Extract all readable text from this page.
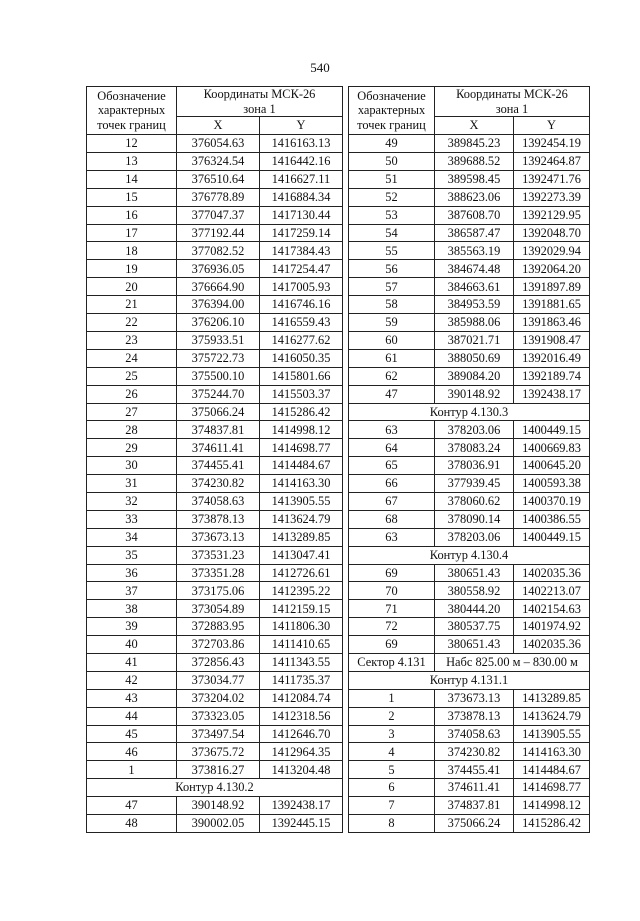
540
Обозначение
характерных
точек границ	Координаты МСК-26
зона 1	
	X	Y
12	376054.63	1416163.13
13	376324.54	1416442.16
14	376510.64	1416627.11
15	376778.89	1416884.34
16	377047.37	1417130.44
17	377192.44	1417259.14
18	377082.52	1417384.43
19	376936.05	1417254.47
20	376664.90	1417005.93
21	376394.00	1416746.16
22	376206.10	1416559.43
23	375933.51	1416277.62
24	375722.73	1416050.35
25	375500.10	1415801.66
26	375244.70	1415503.37
27	375066.24	1415286.42
28	374837.81	1414998.12
29	374611.41	1414698.77
30	374455.41	1414484.67
31	374230.82	1414163.30
32	374058.63	1413905.55
33	373878.13	1413624.79
34	373673.13	1413289.85
35	373531.23	1413047.41
36	373351.28	1412726.61
37	373175.06	1412395.22
38	373054.89	1412159.15
39	372883.95	1411806.30
40	372703.86	1411410.65
41	372856.43	1411343.55
42	373034.77	1411735.37
43	373204.02	1412084.74
44	373323.05	1412318.56
45	373497.54	1412646.70
46	373675.72	1412964.35
1	373816.27	1413204.48
Контур 4.130.2		
47	390148.92	1392438.17
48	390002.05	1392445.15
Обозначение
характерных
точек границ	Координаты МСК-26
зона 1	
	X	Y
49	389845.23	1392454.19
50	389688.52	1392464.87
51	389598.45	1392471.76
52	388623.06	1392273.39
53	387608.70	1392129.95
54	386587.47	1392048.70
55	385563.19	1392029.94
56	384674.48	1392064.20
57	384663.61	1391897.89
58	384953.59	1391881.65
59	385988.06	1391863.46
60	387021.71	1391908.47
61	388050.69	1392016.49
62	389084.20	1392189.74
47	390148.92	1392438.17
Контур 4.130.3		
63	378203.06	1400449.15
64	378083.24	1400669.83
65	378036.91	1400645.20
66	377939.45	1400593.38
67	378060.62	1400370.19
68	378090.14	1400386.55
63	378203.06	1400449.15
Контур 4.130.4		
69	380651.43	1402035.36
70	380558.92	1402213.07
71	380444.20	1402154.63
72	380537.75	1401974.92
69	380651.43	1402035.36
Сектор 4.131	Набс 825.00 м – 830.00 м	
Контур 4.131.1		
1	373673.13	1413289.85
2	373878.13	1413624.79
3	374058.63	1413905.55
4	374230.82	1414163.30
5	374455.41	1414484.67
6	374611.41	1414698.77
7	374837.81	1414998.12
8	375066.24	1415286.42
